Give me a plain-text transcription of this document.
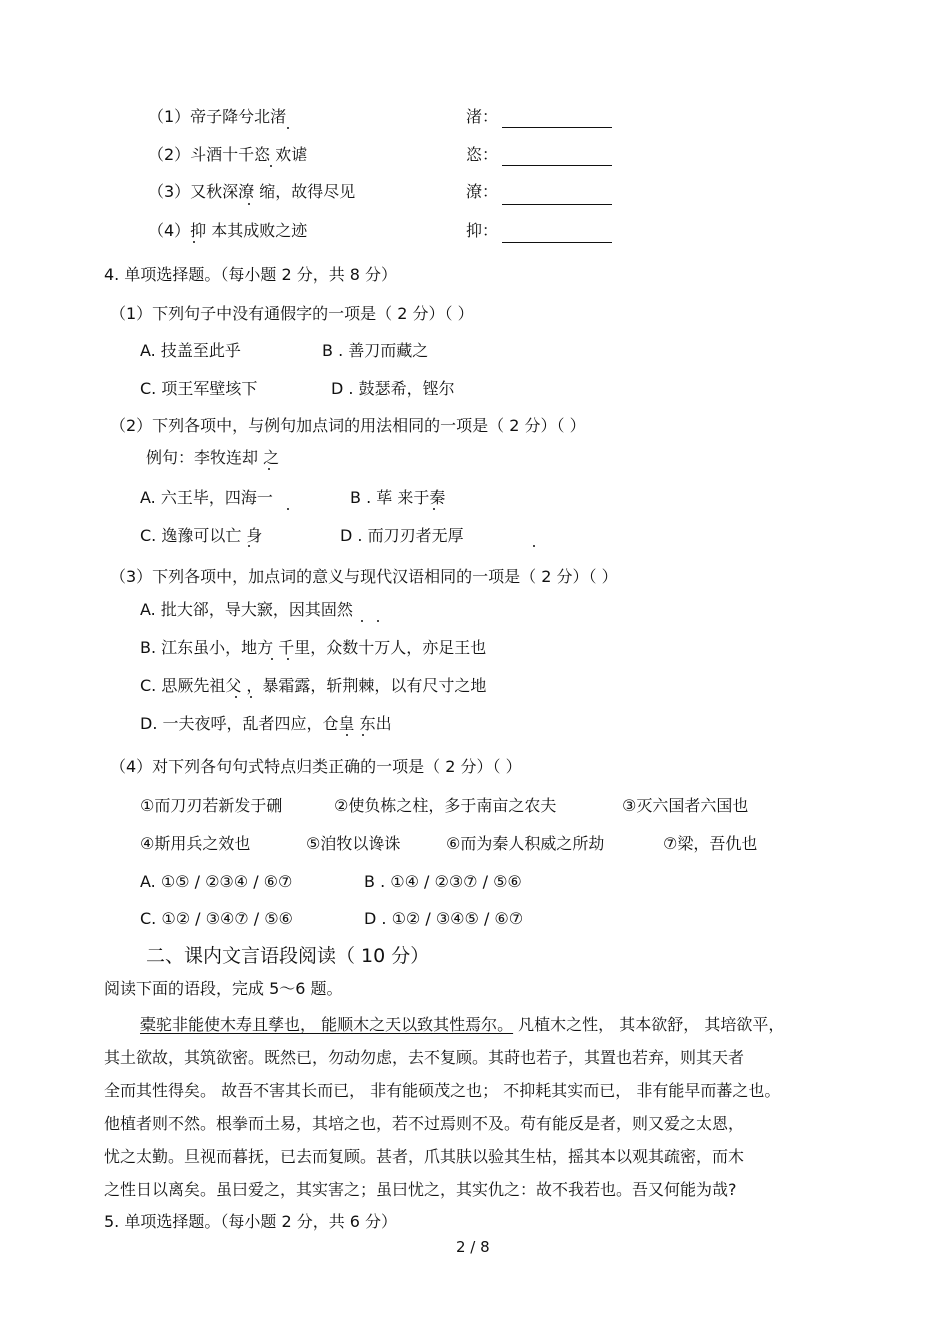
（1）帝子降兮北渚	渚：
（2）斗酒十千恣 欢谑	恣：
（3）又秋深潦 缩，故得尽见	潦：
（4）抑 本其成败之迹	抑：
4. 单项选择题。（每小题 2 分，共 8 分）
（1）下列句子中没有通假字的一项是（ 2 分）（ ）
A. 技盖至此乎	B . 善刀而藏之
C. 项王军壁垓下	D . 鼓瑟希，铿尔
（2）下列各项中，与例句加点词的用法相同的一项是（ 2 分）（ ）
例句：李牧连却 之
A. 六王毕，四海一	B . 荜 来于秦
C. 逸豫可以亡 身	D . 而刀刃者无厚
（3）下列各项中，加点词的意义与现代汉语相同的一项是（ 2 分）（ ）
A. 批大郤，导大窾，因其固然
B. 江东虽小，地方 千里，众数十万人，亦足王也
C. 思厥先祖父 ，暴霜露，斩荆棘，以有尺寸之地
D. 一夫夜呼，乱者四应，仓皇 东出
（4）对下列各句句式特点归类正确的一项是（ 2 分）（ ）
①而刀刃若新发于硎	②使负栋之柱，多于南亩之农夫	③灭六国者六国也
④斯用兵之效也	⑤洎牧以谗诛	⑥而为秦人积威之所劫	⑦梁，吾仇也
A. ①⑤ / ②③④ / ⑥⑦	B . ①④ / ②③⑦ / ⑤⑥
C. ①② / ③④⑦ / ⑤⑥	D . ①② / ③④⑤ / ⑥⑦
二、课内文言语段阅读（ 10 分）
阅读下面的语段，完成 5～6 题。
橐驼非能使木寿且孳也， 能顺木之天以致其性焉尔。 凡植木之性， 其本欲舒， 其培欲平，
其土欲故，其筑欲密。既然已，勿动勿虑，去不复顾。其莳也若子，其置也若弃，则其天者
全而其性得矣。 故吾不害其长而已， 非有能硕茂之也； 不抑耗其实而已， 非有能早而蕃之也。
他植者则不然。根拳而土易，其培之也，若不过焉则不及。苟有能反是者，则又爱之太恩，
忧之太勤。旦视而暮抚，已去而复顾。甚者，爪其肤以验其生枯，摇其本以观其疏密，而木
之性日以离矣。虽曰爱之，其实害之；虽曰忧之，其实仇之：故不我若也。吾又何能为哉?
5. 单项选择题。（每小题 2 分，共 6 分）
2 / 8
